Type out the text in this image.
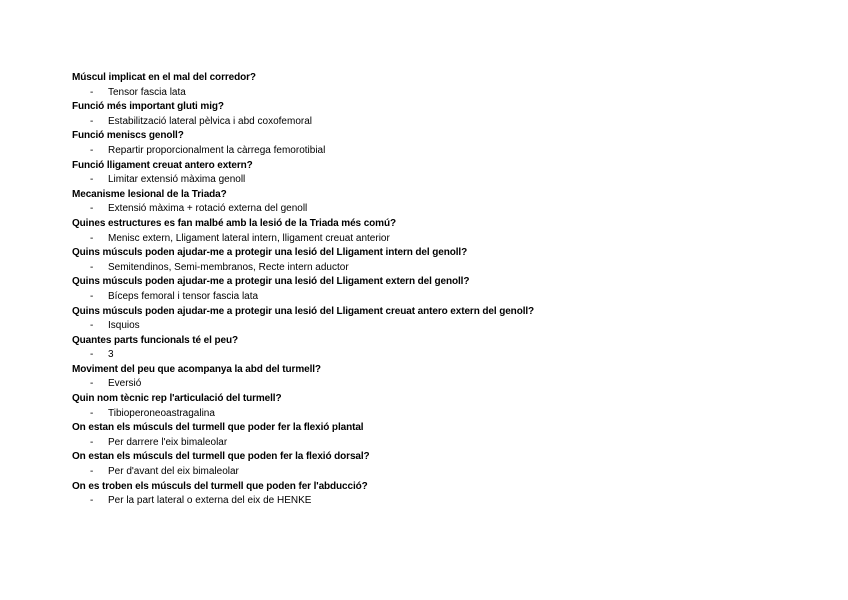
Múscul implicat en el mal del corredor?
- Tensor fascia lata
Funció més important gluti mig?
- Estabilització lateral pèlvica i abd coxofemoral
Funció meniscs genoll?
- Repartir proporcionalment la càrrega femorotibial
Funció lligament creuat antero extern?
- Limitar extensió màxima genoll
Mecanisme lesional de la Triada?
- Extensió màxima + rotació externa del genoll
Quines estructures es fan malbé amb la lesió de la Triada més comú?
- Menisc extern, Lligament lateral intern, lligament creuat anterior
Quins músculs poden ajudar-me a protegir una lesió del Lligament intern del genoll?
- Semitendinos, Semi-membranos, Recte intern aductor
Quins músculs poden ajudar-me a protegir una lesió del Lligament extern del genoll?
- Bíceps femoral i tensor fascia lata
Quins músculs poden ajudar-me a protegir una lesió del Lligament creuat antero extern del genoll?
- Isquios
Quantes parts funcionals té el peu?
- 3
Moviment del peu que acompanya la abd del turmell?
- Eversió
Quin nom tècnic rep l'articulació del turmell?
- Tibioperoneoastragalina
On estan els músculs del turmell que poder fer la flexió plantal
- Per darrere l'eix bimaleolar
On estan els músculs del turmell que poden fer la flexió dorsal?
- Per d'avant del eix bimaleolar
On es troben els músculs del turmell que poden fer l'abducció?
- Per la part lateral o externa del eix de HENKE
